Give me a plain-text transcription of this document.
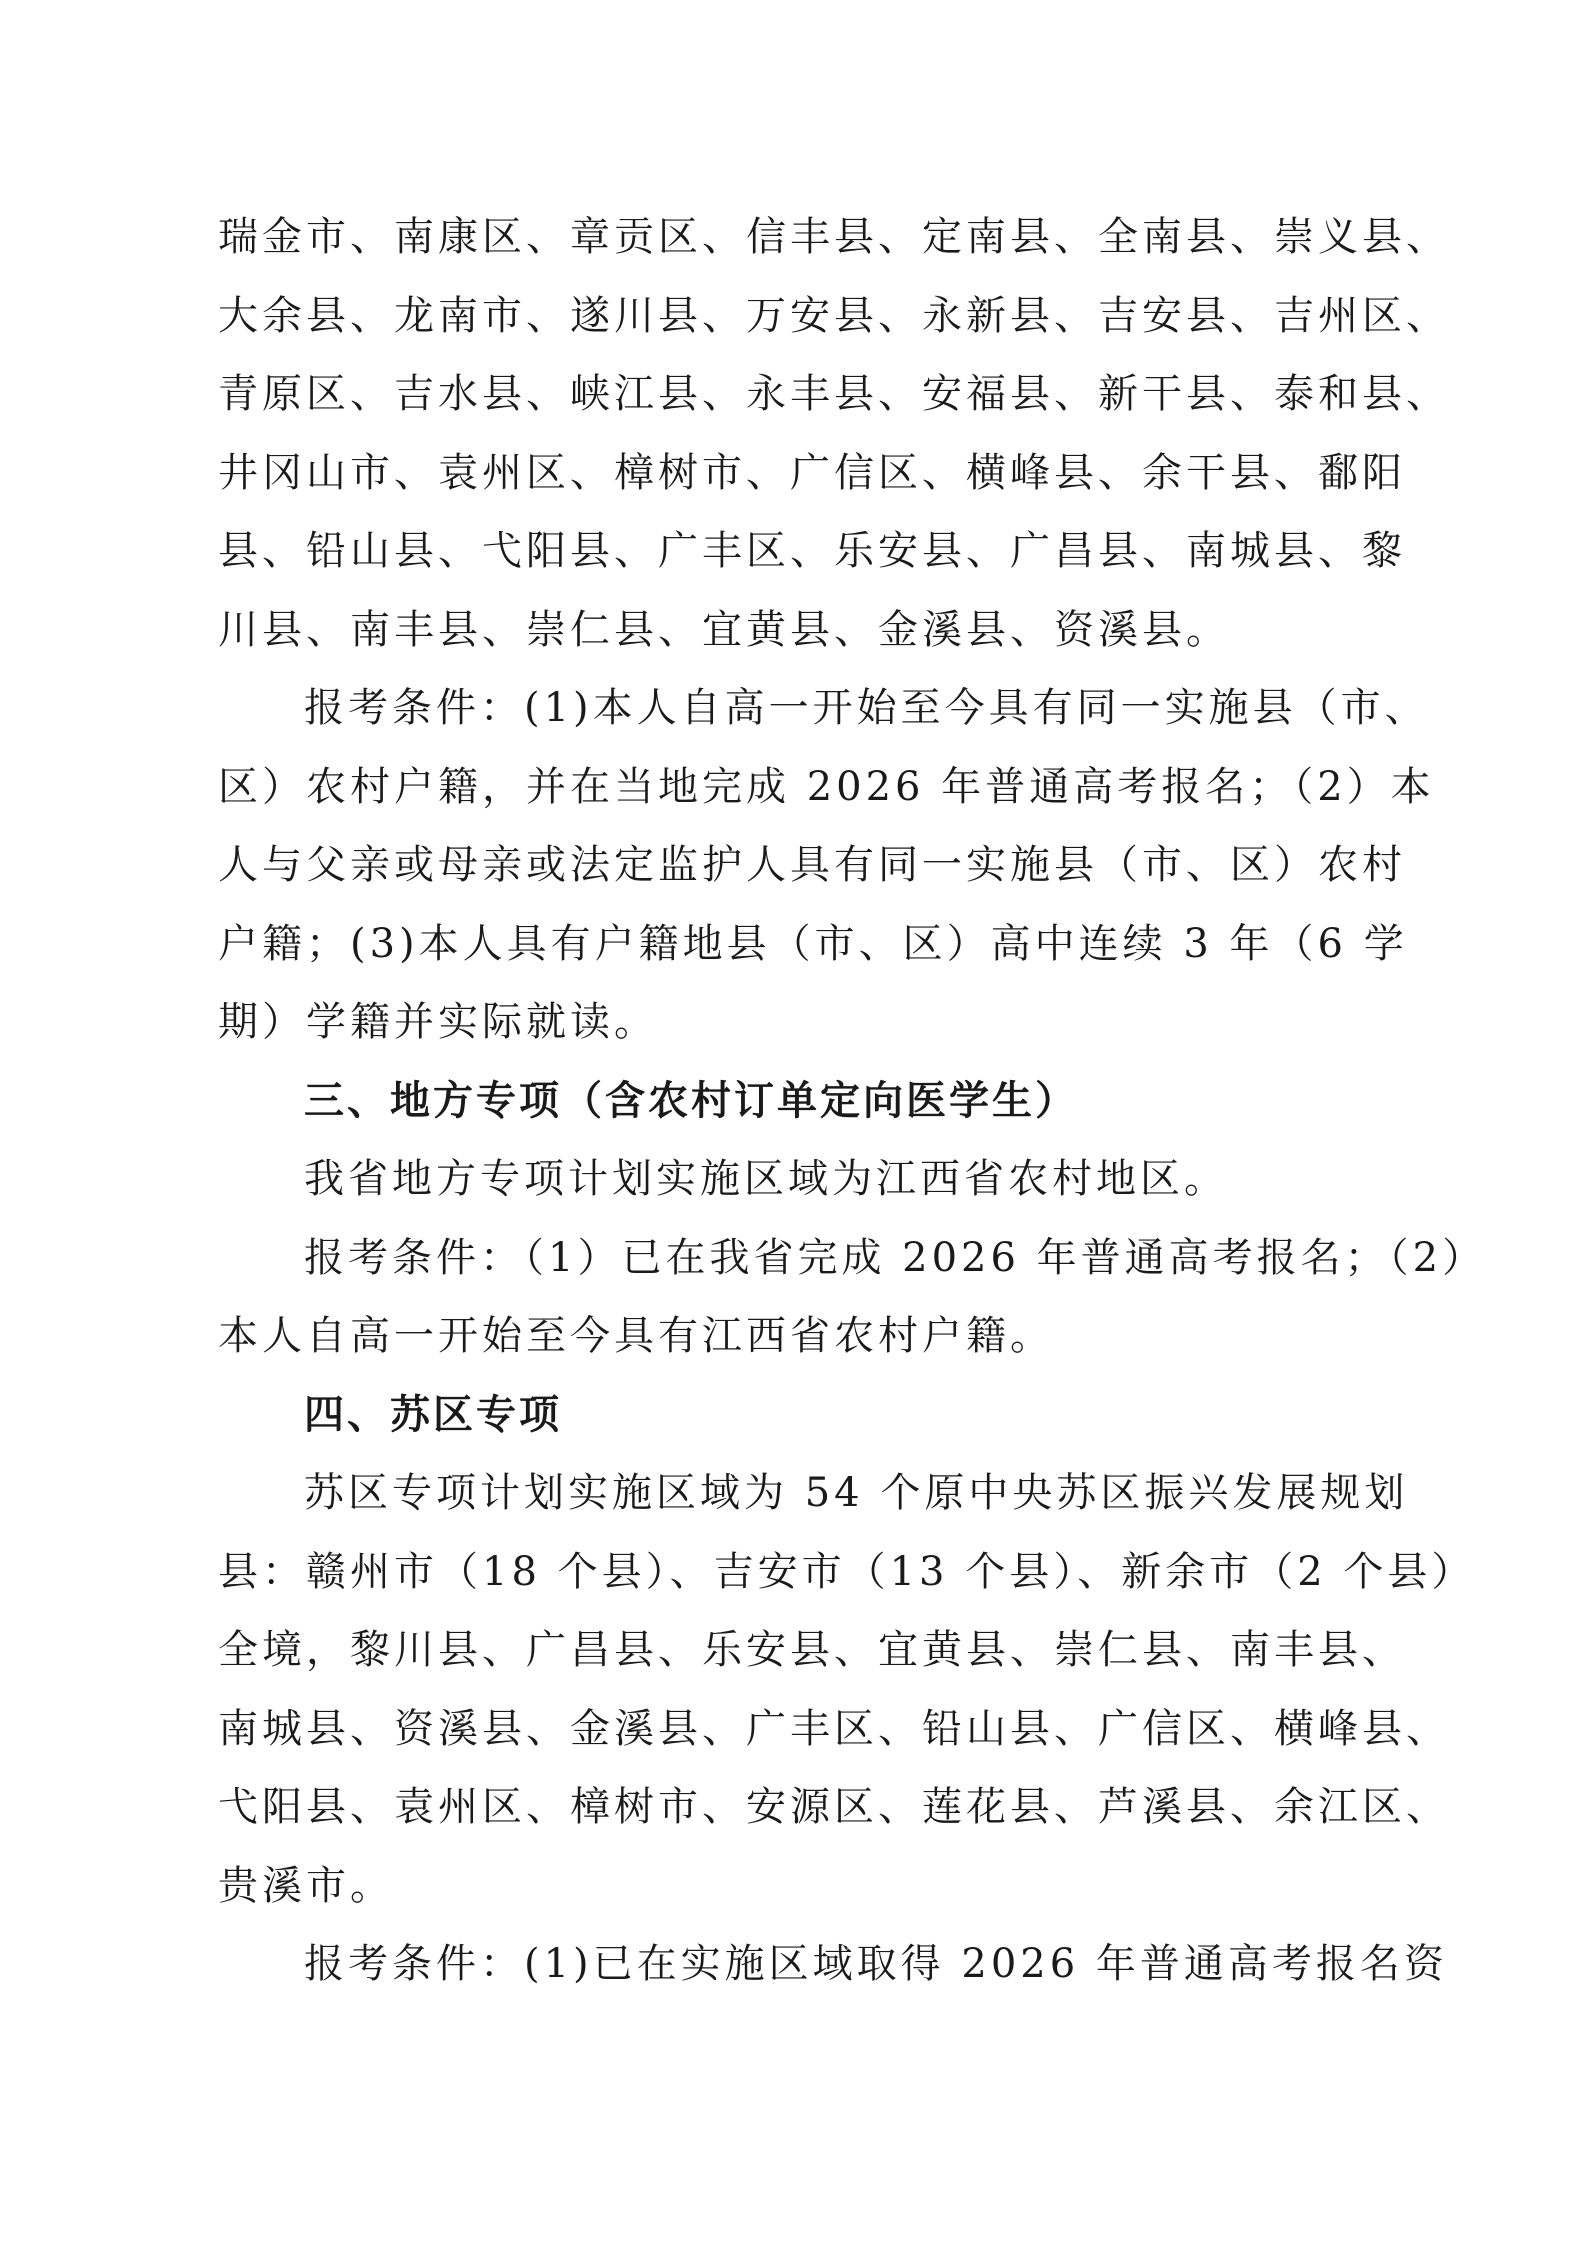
瑞金市、南康区、章贡区、信丰县、定南县、全南县、崇义县、
大余县、龙南市、遂川县、万安县、永新县、吉安县、吉州区、
青原区、吉水县、峡江县、永丰县、安福县、新干县、泰和县、
井冈山市、袁州区、樟树市、广信区、横峰县、余干县、鄱阳
县、铅山县、弋阳县、广丰区、乐安县、广昌县、南城县、黎
川县、南丰县、崇仁县、宜黄县、金溪县、资溪县。
报考条件：(1)本人自高一开始至今具有同一实施县（市、
区）农村户籍，并在当地完成 2026 年普通高考报名；（2）本
人与父亲或母亲或法定监护人具有同一实施县（市、区）农村
户籍；(3)本人具有户籍地县（市、区）高中连续 3 年（6 学
期）学籍并实际就读。
三、地方专项（含农村订单定向医学生）
我省地方专项计划实施区域为江西省农村地区。
报考条件：（1）已在我省完成 2026 年普通高考报名；（2）
本人自高一开始至今具有江西省农村户籍。
四、苏区专项
苏区专项计划实施区域为 54 个原中央苏区振兴发展规划
县：赣州市（18 个县）、吉安市（13 个县）、新余市（2 个县）
全境，黎川县、广昌县、乐安县、宜黄县、崇仁县、南丰县、
南城县、资溪县、金溪县、广丰区、铅山县、广信区、横峰县、
弋阳县、袁州区、樟树市、安源区、莲花县、芦溪县、余江区、
贵溪市。
报考条件：(1)已在实施区域取得 2026 年普通高考报名资
